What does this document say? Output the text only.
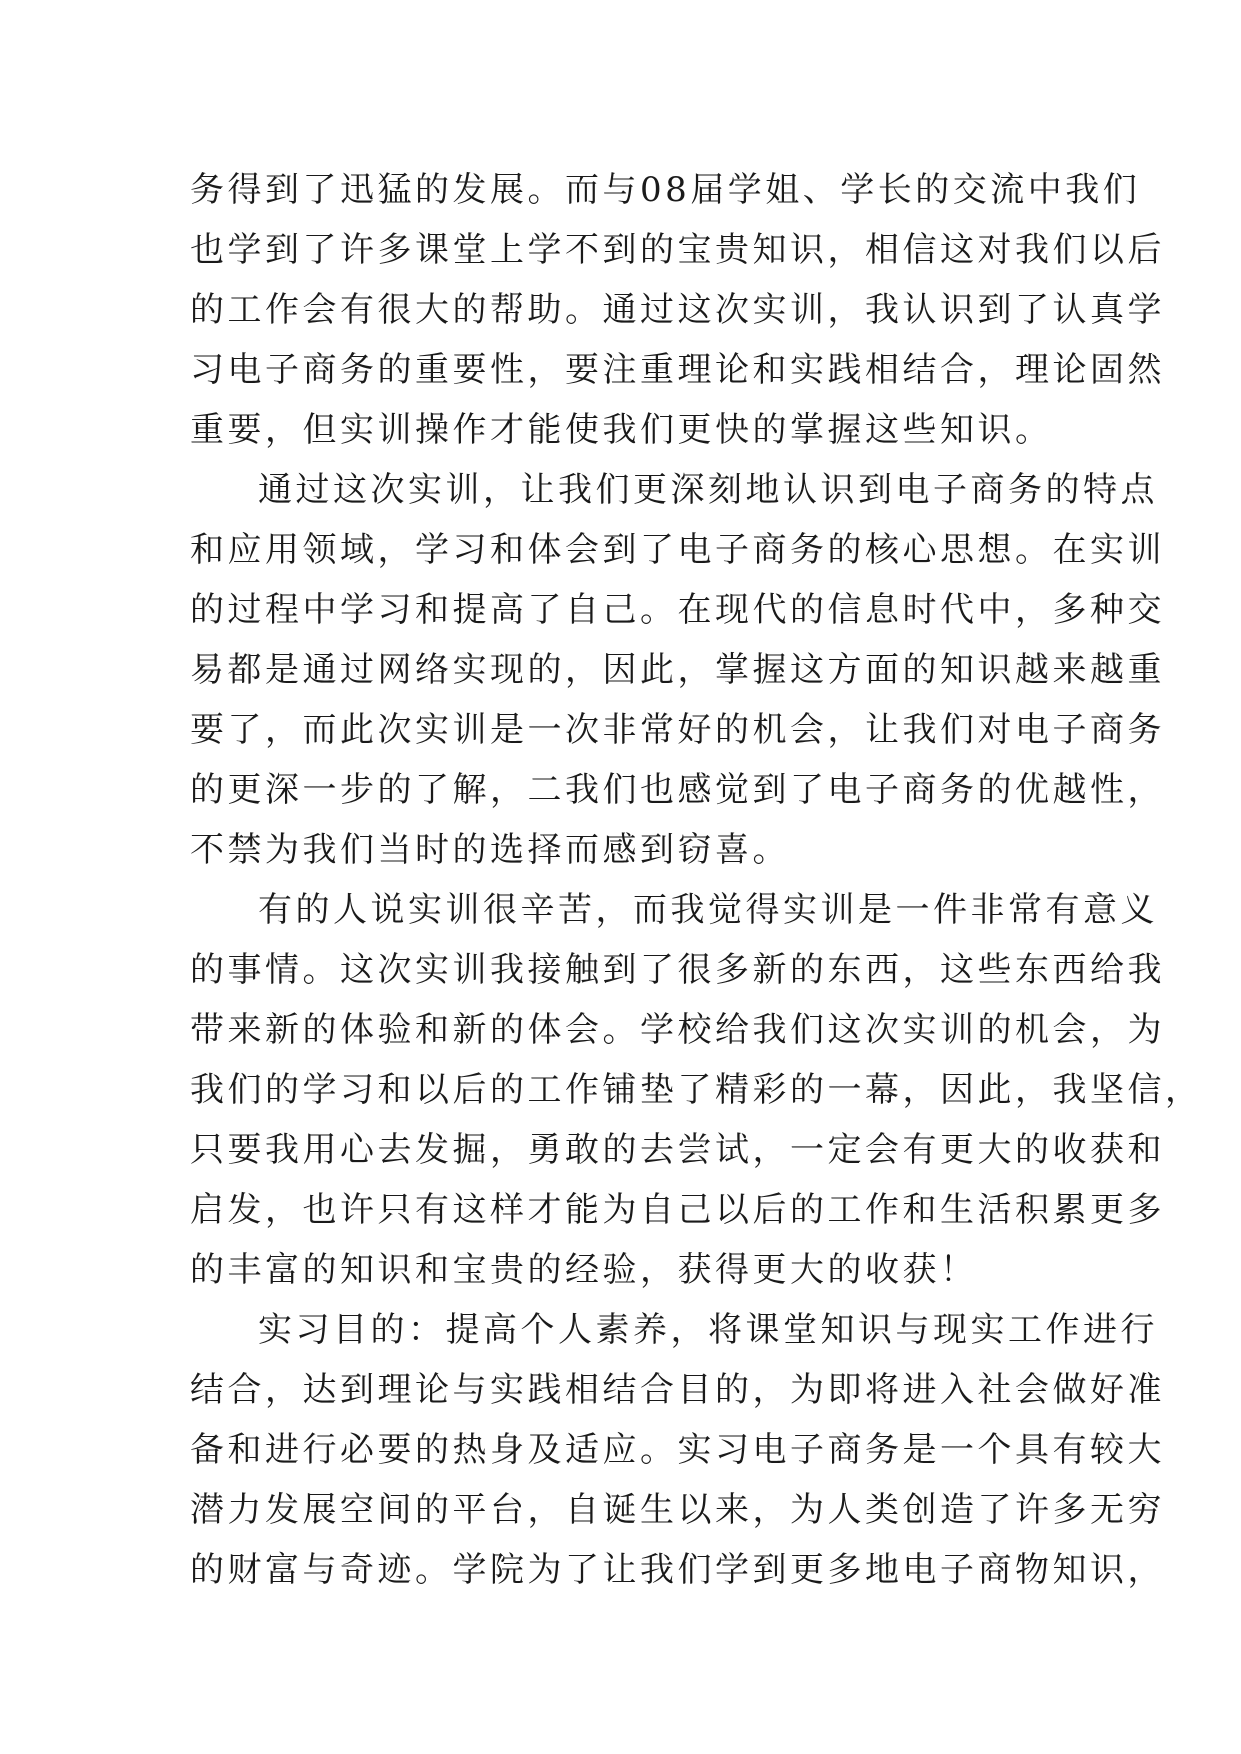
务得到了迅猛的发展。而与08届学姐、学长的交流中我们
也学到了许多课堂上学不到的宝贵知识，相信这对我们以后
的工作会有很大的帮助。通过这次实训，我认识到了认真学
习电子商务的重要性，要注重理论和实践相结合，理论固然
重要，但实训操作才能使我们更快的掌握这些知识。
通过这次实训，让我们更深刻地认识到电子商务的特点
和应用领域，学习和体会到了电子商务的核心思想。在实训
的过程中学习和提高了自己。在现代的信息时代中，多种交
易都是通过网络实现的，因此，掌握这方面的知识越来越重
要了，而此次实训是一次非常好的机会，让我们对电子商务
的更深一步的了解，二我们也感觉到了电子商务的优越性，
不禁为我们当时的选择而感到窃喜。
有的人说实训很辛苦，而我觉得实训是一件非常有意义
的事情。这次实训我接触到了很多新的东西，这些东西给我
带来新的体验和新的体会。学校给我们这次实训的机会，为
我们的学习和以后的工作铺垫了精彩的一幕，因此，我坚信，
只要我用心去发掘，勇敢的去尝试，一定会有更大的收获和
启发，也许只有这样才能为自己以后的工作和生活积累更多
的丰富的知识和宝贵的经验，获得更大的收获！
实习目的：提高个人素养，将课堂知识与现实工作进行
结合，达到理论与实践相结合目的，为即将进入社会做好准
备和进行必要的热身及适应。实习电子商务是一个具有较大
潜力发展空间的平台，自诞生以来，为人类创造了许多无穷
的财富与奇迹。学院为了让我们学到更多地电子商物知识，
